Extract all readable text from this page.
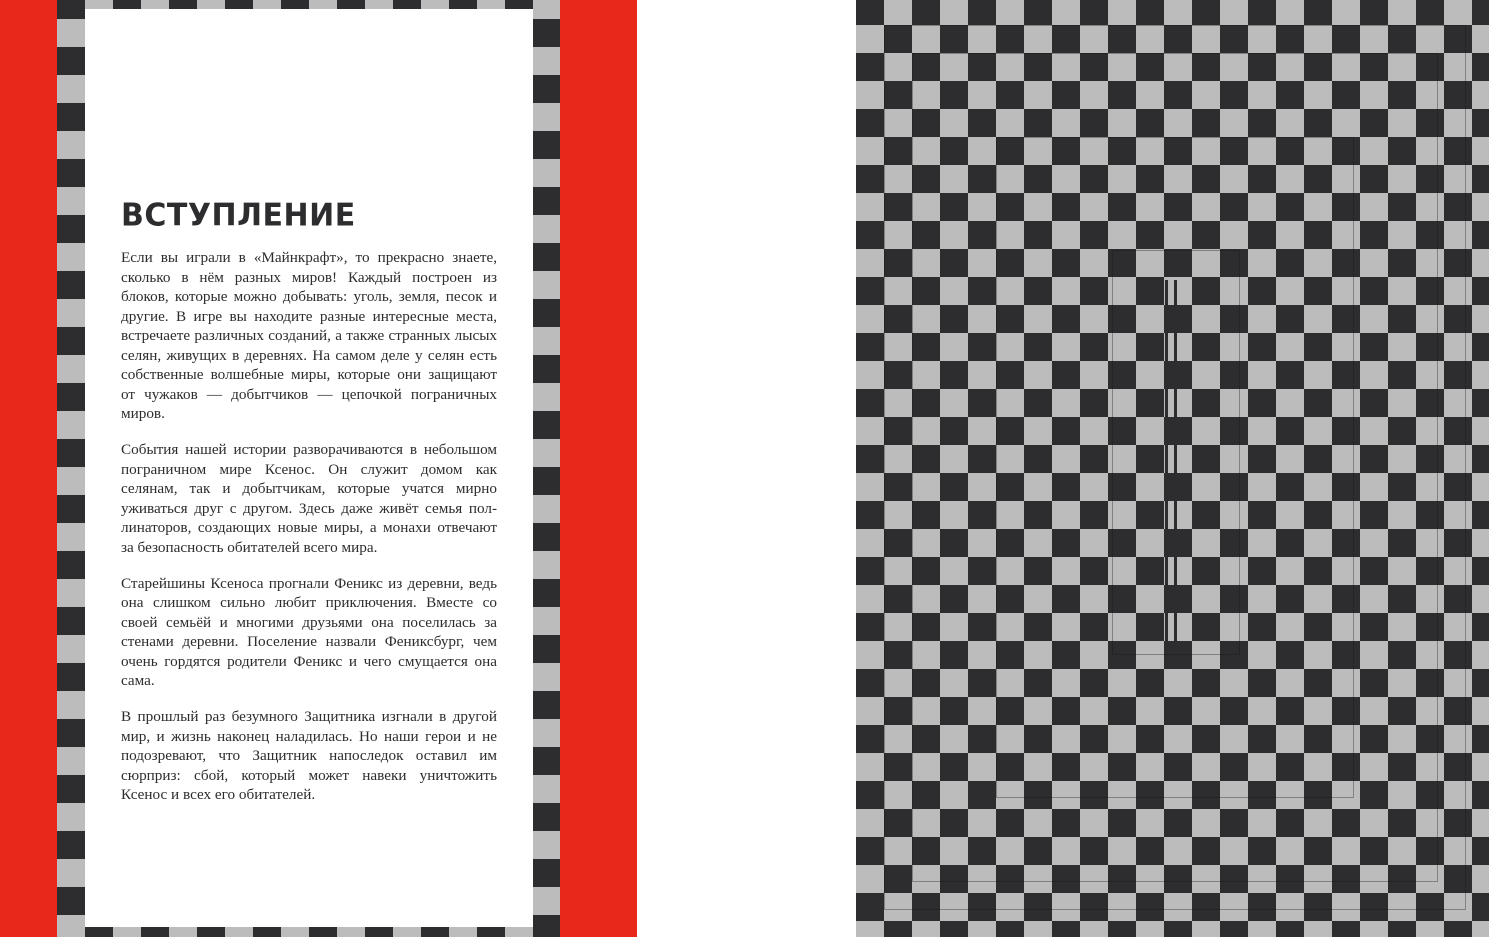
ВСТУПЛЕНИЕ

Если вы играли в «Майнкрафт», то прекрасно знаете, сколько в нём разных миров! Каждый построен из блоков, которые можно добывать: уголь, земля, песок и другие. В игре вы находите разные интересные места, встречаете различных созданий, а также странных лысых селян, живущих в деревнях. На самом деле у селян есть собственные волшебные миры, которые они защищают от чужаков — добытчиков — цепочкой пограничных миров.

События нашей истории разворачиваются в небольшом пограничном мире Ксенос. Он служит домом как селянам, так и добытчикам, которые учатся мирно уживаться друг с другом. Здесь даже живёт семья поллинаторов, создающих новые миры, а монахи отвечают за безопасность обитателей всего мира.

Старейшины Ксеноса прогнали Феникс из деревни, ведь она слишком сильно любит приключения. Вместе со своей семьёй и многими друзьями она поселилась за стенами деревни. Поселение назвали Фениксбург, чем очень гордятся родители Феникс и чего смущается она сама.

В прошлый раз безумного Защитника изгнали в другой мир, и жизнь наконец наладилась. Но наши герои и не подозревают, что Защитник напоследок оставил им сюрприз: сбой, который может навеки уничтожить Ксенос и всех его обитателей.
